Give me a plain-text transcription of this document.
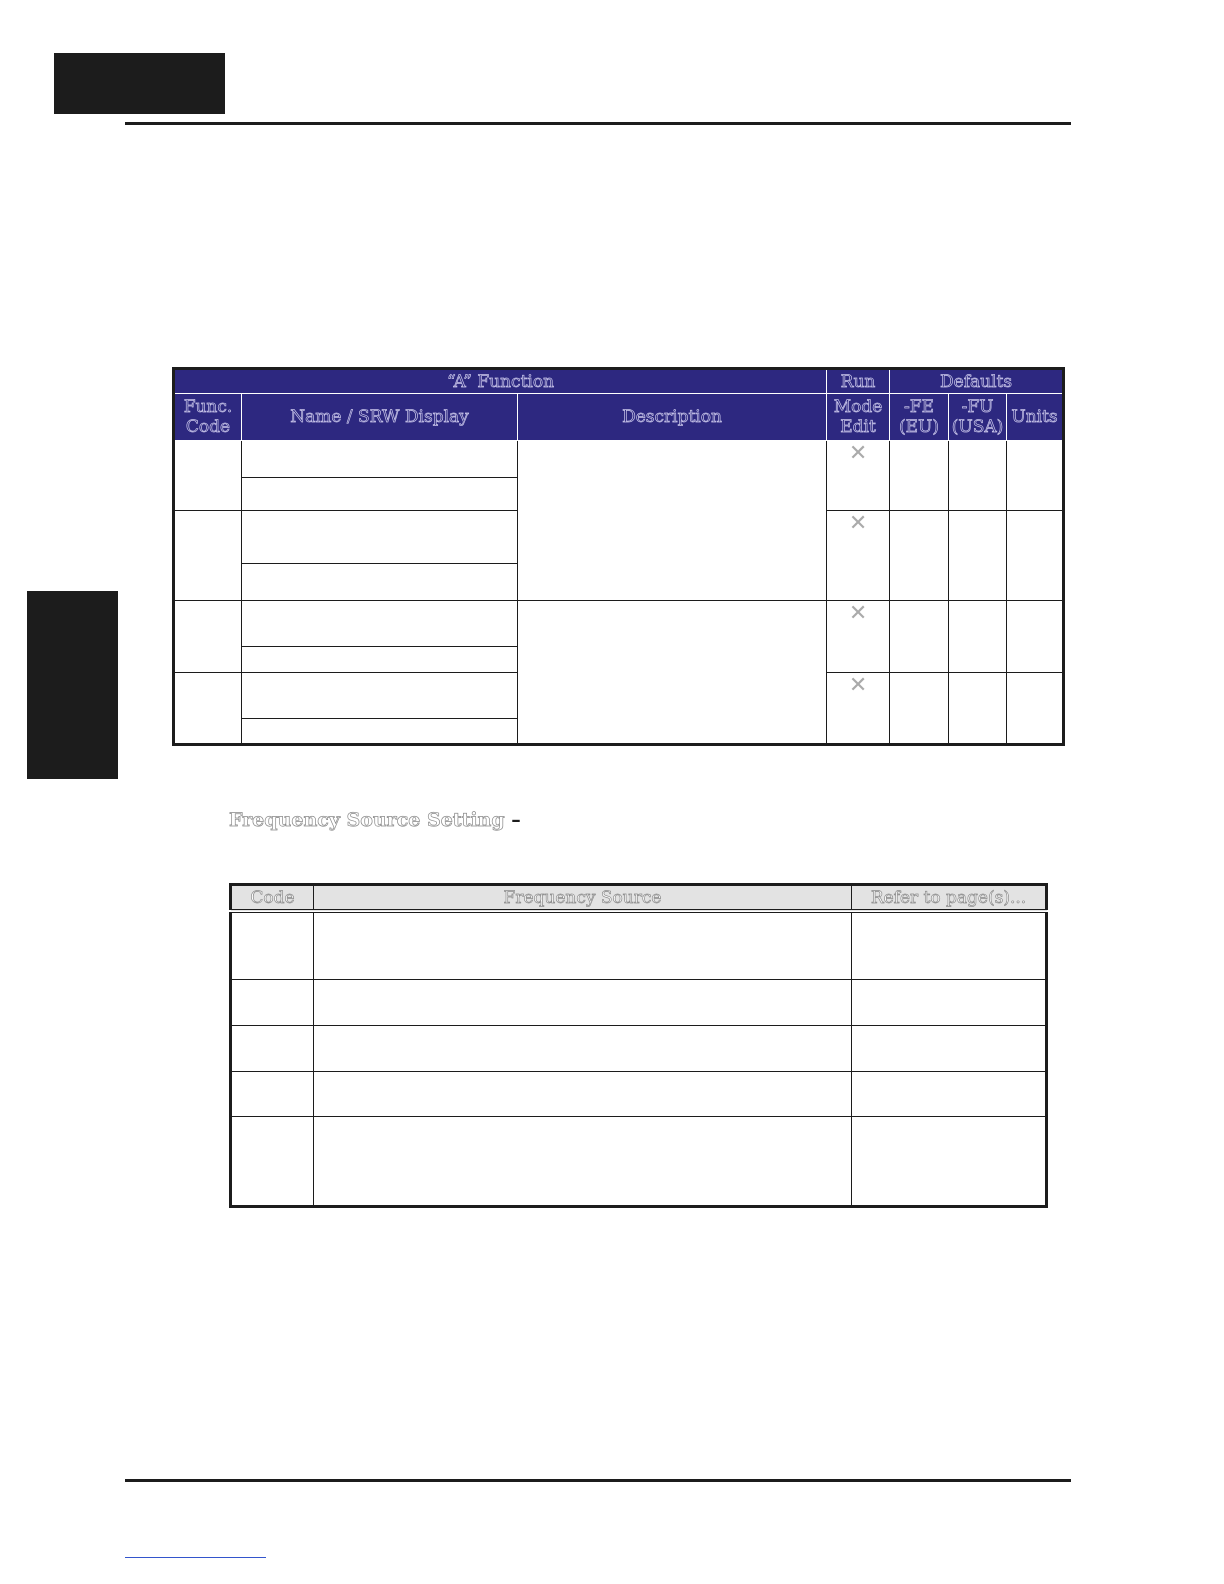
“A” Function			Run	Defaults		
Func. Code	Name / SRW Display	Description	Mode Edit	-FE (EU)	-FU (USA)	Units

			✕			

			✕			

			✕			

			✕			

Frequency Source Setting –
Code	Frequency Source	Refer to page(s)...
